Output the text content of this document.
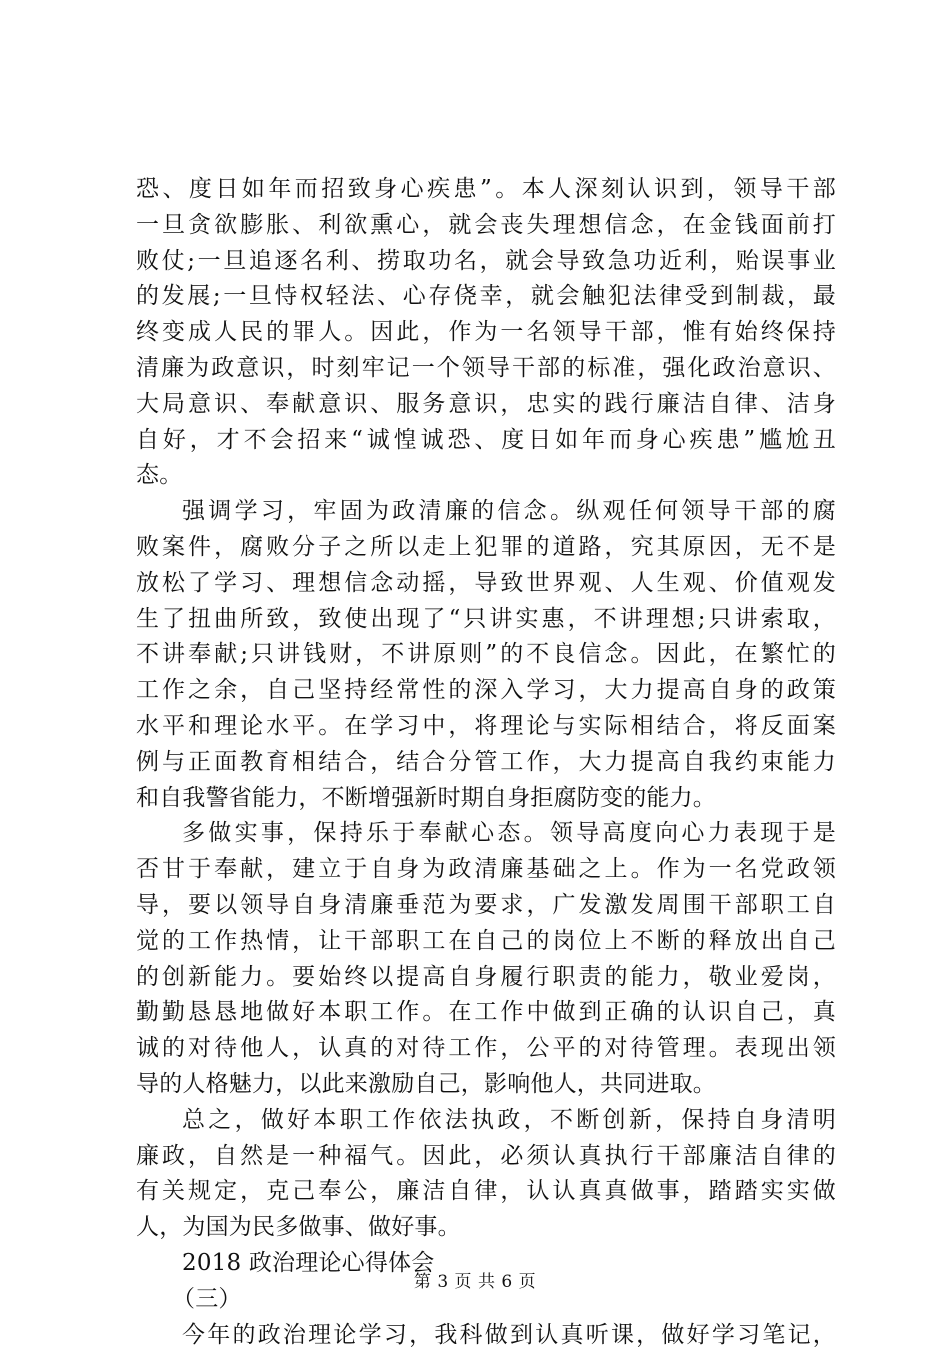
恐、度日如年而招致身心疾患”。本人深刻认识到，领导干部
一旦贪欲膨胀、利欲熏心，就会丧失理想信念，在金钱面前打
败仗;一旦追逐名利、捞取功名，就会导致急功近利，贻误事业
的发展;一旦恃权轻法、心存侥幸，就会触犯法律受到制裁，最
终变成人民的罪人。因此，作为一名领导干部，惟有始终保持
清廉为政意识，时刻牢记一个领导干部的标准，强化政治意识、
大局意识、奉献意识、服务意识，忠实的践行廉洁自律、洁身
自好，才不会招来“诚惶诚恐、度日如年而身心疾患”尴尬丑
态。
强调学习，牢固为政清廉的信念。纵观任何领导干部的腐
败案件，腐败分子之所以走上犯罪的道路，究其原因，无不是
放松了学习、理想信念动摇，导致世界观、人生观、价值观发
生了扭曲所致，致使出现了“只讲实惠，不讲理想;只讲索取，
不讲奉献;只讲钱财，不讲原则”的不良信念。因此，在繁忙的
工作之余，自己坚持经常性的深入学习，大力提高自身的政策
水平和理论水平。在学习中，将理论与实际相结合，将反面案
例与正面教育相结合，结合分管工作，大力提高自我约束能力
和自我警省能力，不断增强新时期自身拒腐防变的能力。
多做实事，保持乐于奉献心态。领导高度向心力表现于是
否甘于奉献，建立于自身为政清廉基础之上。作为一名党政领
导，要以领导自身清廉垂范为要求，广发激发周围干部职工自
觉的工作热情，让干部职工在自己的岗位上不断的释放出自己
的创新能力。要始终以提高自身履行职责的能力，敬业爱岗，
勤勤恳恳地做好本职工作。在工作中做到正确的认识自己，真
诚的对待他人，认真的对待工作，公平的对待管理。表现出领
导的人格魅力，以此来激励自己，影响他人，共同进取。
总之，做好本职工作依法执政，不断创新，保持自身清明
廉政，自然是一种福气。因此，必须认真执行干部廉洁自律的
有关规定，克己奉公，廉洁自律，认认真真做事，踏踏实实做
人，为国为民多做事、做好事。
2018 政治理论心得体会
（三）
今年的政治理论学习，我科做到认真听课，做好学习笔记，
第 3 页 共 6 页
